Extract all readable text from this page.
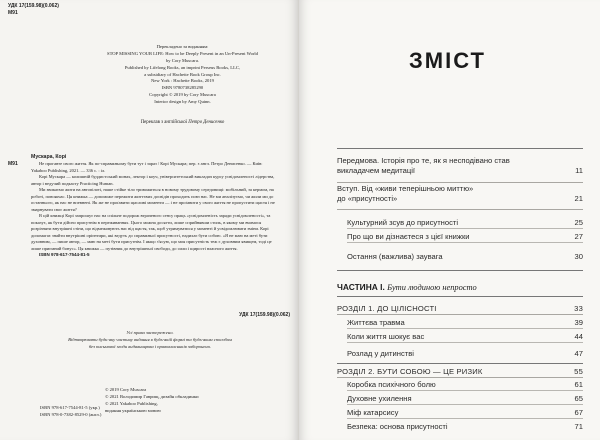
УДК 17(159.98)(0.062)
М91
Перекладено за виданням:
STOP MISSING YOUR LIFE: How to be Deeply Present in an Un-Present World
by Cory Muscara.
Published by Lifelong Books, an imprint Perseus Books, LLC,
a subsidiary of Hachette Book Group Inc.
New York : Hachette Books, 2019
ISBN 9780738285290
Copyright © 2019 by Cory Muscara
Interior design by Amy Quinn.
Переклав з англійської Петро Денисенко
Мускара, Корі
М91	Не прогавте свого життя. Як по-справжньому бути тут і зараз / Корі Мускара; пер. з англ. Петро Денисенко. — Київ: Yakaboo Publishing, 2021. — 336 с. : іл.

Корі Мускара — колишній буддистський монах, лектор і коуч, університетський викладач курсу усвідомленості лідерства, автор і ведучий подкасту Practicing Human.

Ми звикаємо жити на автопілоті, наше стійке тіло тривожиться в новому трудовому середовищі: мобільний, за кермом, на роботі, повсякчас. Ця книжка — допоможе пережити життєвих досвідів проходить повз нас. Не ми аналізуємо, чи жили ми до останнього, як нас не впевнені. Як же не проґавити щасливі моменти — і не проґавити у свого життя не пропустити щастя і не змарнувати своє життя?

В цій книжці Корі запрошує нас на спільне подорож втраченого сенсу праць «усвідомленість заради усвідомленості», та показує, як бути дійсно присутнім в переживаннях. Цього можна досягти, лише сприйнявши стиль, в якому ми вчимося розрізняти внутрішні стіни, що відмежовують нас від щастя, так, щоб утримуватися у моменті й усвідомлювати зміни. Корі допомагає знайти внутрішні орієнтири, які ведуть до справжньої присутності, надихає бути собою. «Я не маю на меті бути духовним, — пише автор, — маю на меті бути присутнім. І якщо з'ясую, що моя присутність теж є духовним явищем, тоді це лише приємний бонус». Ця книжка — путівник до внутрішньої свободи, до сили і щирості власного життя.

ISBN 978-617-7544-81-5

УДК 17(159.98)(0.062)
Усі права застережено.
Відтворювати будь-яку частину видання в будь-якій формі та будь-яким способом
без письмової згоди видавництва і правовласників заборонено.
© 2019 Cory Muscara
© 2021 Володимир Гаврищ, дизайн обкладинки
© 2021 Yakaboo Publishing,
видання українською мовою
ISBN 978-617-7544-81-5 (укр.)
ISBN 978-0-7382-8529-0 (англ.)
ЗМІСТ
Передмова. Історія про те, як я несподівано став
викладачем медитації	11
Вступ. Від «живи теперішньою миттю»
до «присутності»	21
Культурний зсув до присутності	25
Про що ви дізнаєтеся з цієї книжки	27
Остання (важлива) заувага	30
ЧАСТИНА І. Бути людиною непросто
РОЗДІЛ 1. ДО ЦІЛІСНОСТІ	33
Життєва травма	39
Коли життя шокує вас	44
Розлад у дитинстві	47
РОЗДІЛ 2. БУТИ СОБОЮ — ЦЕ РИЗИК	55
Коробка психічного болю	61
Духовне ухилення	65
Міф катарсису	67
Безпека: основа присутності	71
